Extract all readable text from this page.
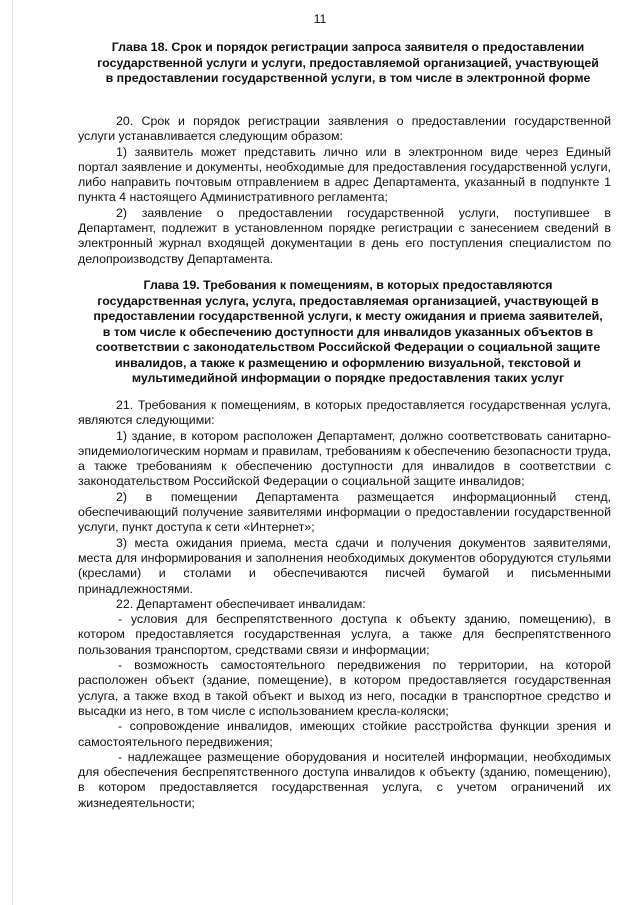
11
Глава 18. Срок и порядок регистрации запроса заявителя о предоставлении
государственной услуги и услуги, предоставляемой организацией, участвующей
в предоставлении государственной услуги, в том числе в электронной форме

20. Срок и порядок регистрации заявления о предоставлении государственной услуги устанавливается следующим образом:

1) заявитель может представить лично или в электронном виде через Единый портал заявление и документы, необходимые для предоставления государственной услуги, либо направить почтовым отправлением в адрес Департамента, указанный в подпункте 1 пункта 4 настоящего Административного регламента;

2) заявление о предоставлении государственной услуги, поступившее в Департамент, подлежит в установленном порядке регистрации с занесением сведений в электронный журнал входящей документации в день его поступления специалистом по делопроизводству Департамента.

Глава 19. Требования к помещениям, в которых предоставляются
государственная услуга, услуга, предоставляемая организацией, участвующей в
предоставлении государственной услуги, к месту ожидания и приема заявителей,
в том числе к обеспечению доступности для инвалидов указанных объектов в
соответствии с законодательством Российской Федерации о социальной защите
инвалидов, а также к размещению и оформлению визуальной, текстовой и
мультимедийной информации о порядке предоставления таких услуг

21. Требования к помещениям, в которых предоставляется государственная услуга, являются следующими:

1) здание, в котором расположен Департамент, должно соответствовать санитарно-эпидемиологическим нормам и правилам, требованиям к обеспечению безопасности труда, а также требованиям к обеспечению доступности для инвалидов в соответствии с законодательством Российской Федерации о социальной защите инвалидов;

2) в помещении Департамента размещается информационный стенд, обеспечивающий получение заявителями информации о предоставлении государственной услуги, пункт доступа к сети «Интернет»;

3) места ожидания приема, места сдачи и получения документов заявителями, места для информирования и заполнения необходимых документов оборудуются стульями (креслами) и столами и обеспечиваются писчей бумагой и письменными принадлежностями.

22. Департамент обеспечивает инвалидам:

- условия для беспрепятственного доступа к объекту зданию, помещению), в котором предоставляется государственная услуга, а также для беспрепятственного пользования транспортом, средствами связи и информации;

- возможность самостоятельного передвижения по территории, на которой расположен объект (здание, помещение), в котором предоставляется государственная услуга, а также вход в такой объект и выход из него, посадки в транспортное средство и высадки из него, в том числе с использованием кресла-коляски;

- сопровождение инвалидов, имеющих стойкие расстройства функции зрения и самостоятельного передвижения;

- надлежащее размещение оборудования и носителей информации, необходимых для обеспечения беспрепятственного доступа инвалидов к объекту (зданию, помещению), в котором предоставляется государственная услуга, с учетом ограничений их жизнедеятельности;
